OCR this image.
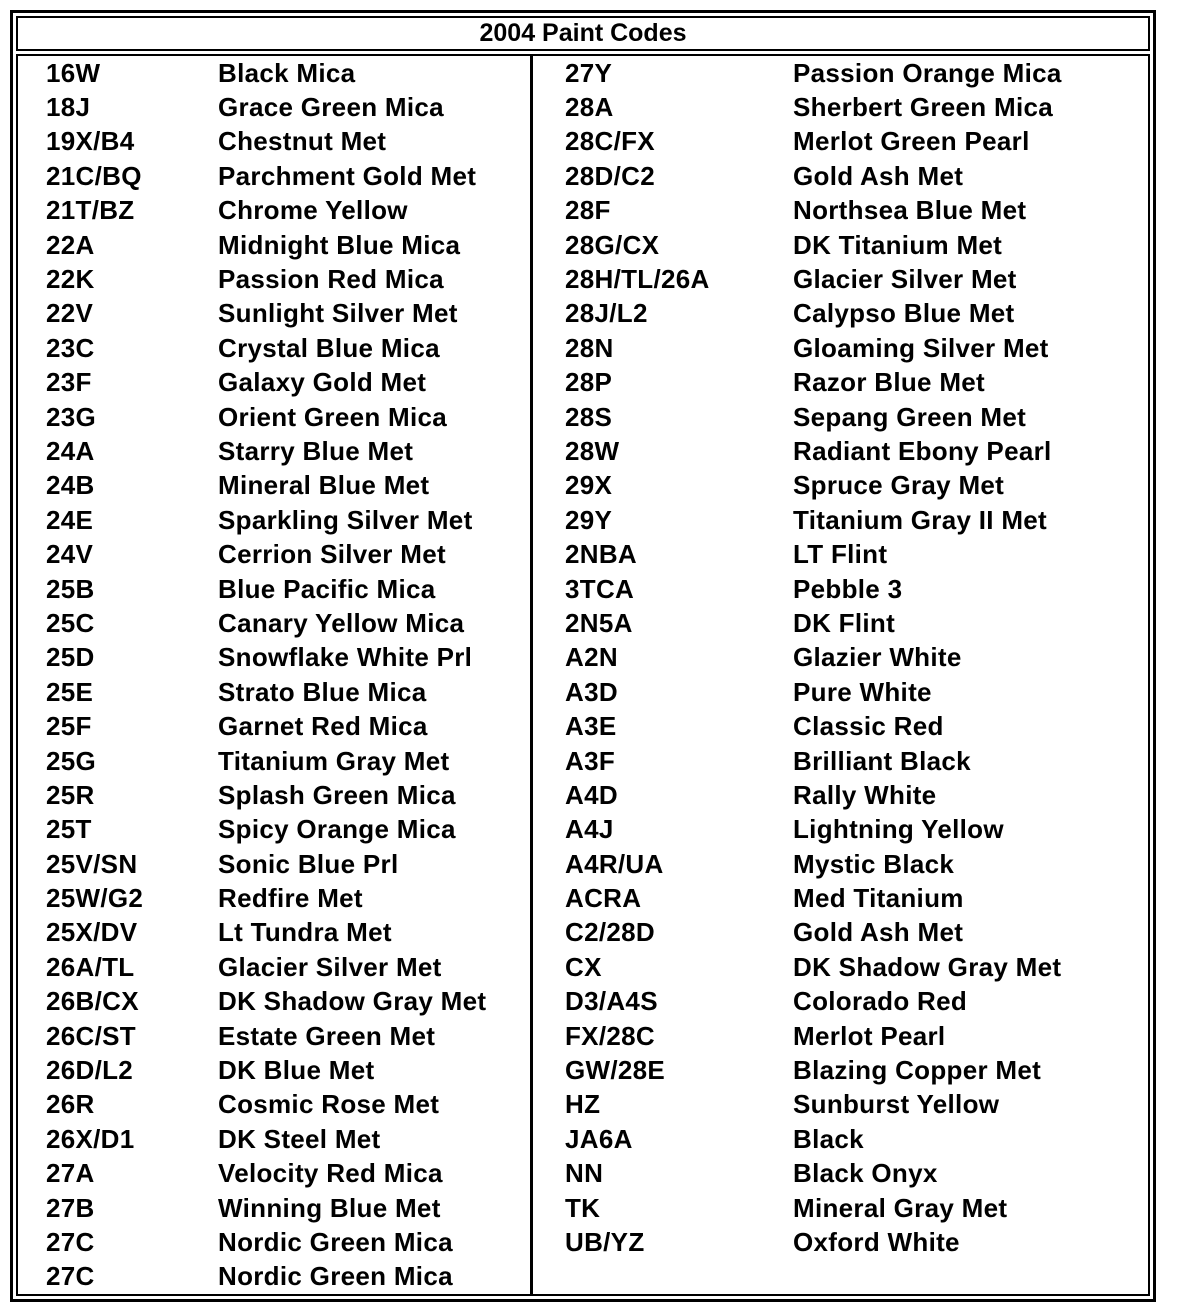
2004 Paint Codes
16W	Black Mica
18J	Grace Green Mica
19X/B4	Chestnut Met
21C/BQ	Parchment Gold Met
21T/BZ	Chrome Yellow
22A	Midnight Blue Mica
22K	Passion Red Mica
22V	Sunlight Silver Met
23C	Crystal Blue Mica
23F	Galaxy Gold Met
23G	Orient Green Mica
24A	Starry Blue Met
24B	Mineral Blue Met
24E	Sparkling Silver Met
24V	Cerrion Silver Met
25B	Blue Pacific Mica
25C	Canary Yellow Mica
25D	Snowflake White Prl
25E	Strato Blue Mica
25F	Garnet Red Mica
25G	Titanium Gray Met
25R	Splash Green Mica
25T	Spicy Orange Mica
25V/SN	Sonic Blue Prl
25W/G2	Redfire Met
25X/DV	Lt Tundra Met
26A/TL	Glacier Silver Met
26B/CX	DK Shadow Gray Met
26C/ST	Estate Green Met
26D/L2	DK Blue Met
26R	Cosmic Rose Met
26X/D1	DK Steel Met
27A	Velocity Red Mica
27B	Winning Blue Met
27C	Nordic Green Mica
27C	Nordic Green Mica
27Y	Passion Orange Mica
28A	Sherbert Green Mica
28C/FX	Merlot Green Pearl
28D/C2	Gold Ash Met
28F	Northsea Blue Met
28G/CX	DK Titanium Met
28H/TL/26A	Glacier Silver Met
28J/L2	Calypso Blue Met
28N	Gloaming Silver Met
28P	Razor Blue Met
28S	Sepang Green Met
28W	Radiant Ebony Pearl
29X	Spruce Gray Met
29Y	Titanium Gray II Met
2NBA	LT Flint
3TCA	Pebble 3
2N5A	DK Flint
A2N	Glazier White
A3D	Pure White
A3E	Classic Red
A3F	Brilliant Black
A4D	Rally White
A4J	Lightning Yellow
A4R/UA	Mystic Black
ACRA	Med Titanium
C2/28D	Gold Ash Met
CX	DK Shadow Gray Met
D3/A4S	Colorado Red
FX/28C	Merlot Pearl
GW/28E	Blazing Copper Met
HZ	Sunburst Yellow
JA6A	Black
NN	Black Onyx
TK	Mineral Gray Met
UB/YZ	Oxford White
